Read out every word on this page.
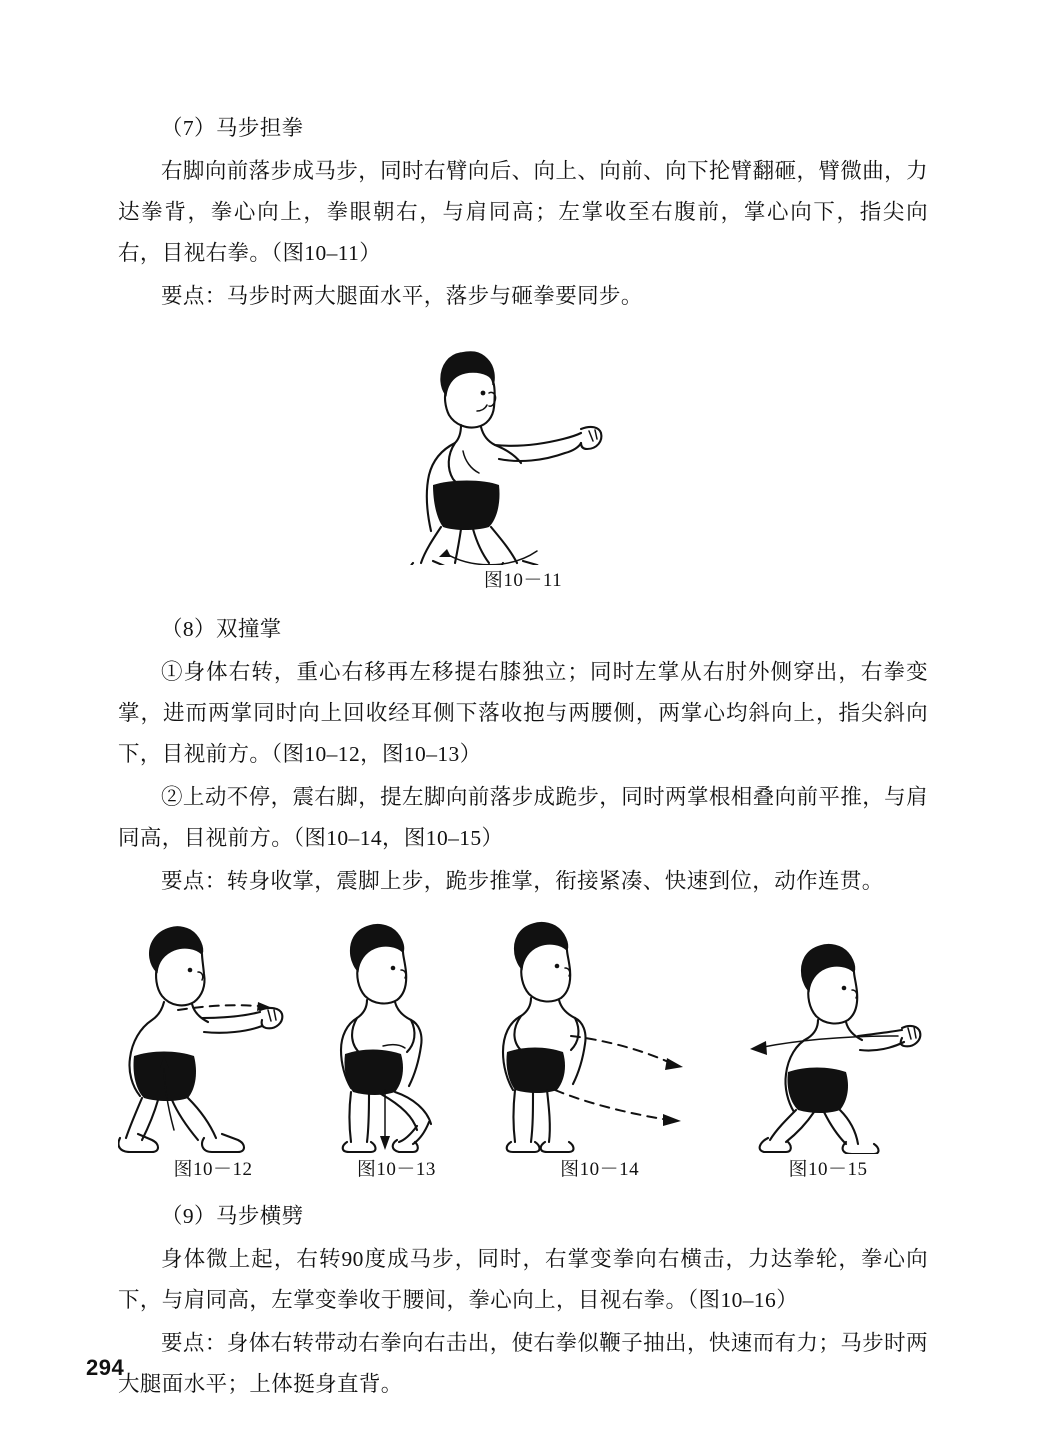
（7）马步担拳

右脚向前落步成马步，同时右臂向后、向上、向前、向下抡臂翻砸，臂微曲，力达拳背，拳心向上，拳眼朝右，与肩同高；左掌收至右腹前，掌心向下，指尖向右，目视右拳。（图10–11）

要点：马步时两大腿面水平，落步与砸拳要同步。

图10－11

（8）双撞掌

①身体右转，重心右移再左移提右膝独立；同时左掌从右肘外侧穿出，右拳变掌，进而两掌同时向上回收经耳侧下落收抱与两腰侧，两掌心均斜向上，指尖斜向下，目视前方。（图10–12，图10–13）

②上动不停，震右脚，提左脚向前落步成跪步，同时两掌根相叠向前平推，与肩同高，目视前方。（图10–14，图10–15）

要点：转身收掌，震脚上步，跪步推掌，衔接紧凑、快速到位，动作连贯。

图10－12	图10－13	图10－14	图10－15

（9）马步横劈

身体微上起，右转90度成马步，同时，右掌变拳向右横击，力达拳轮，拳心向下，与肩同高，左掌变拳收于腰间，拳心向上，目视右拳。（图10–16）

要点：身体右转带动右拳向右击出，使右拳似鞭子抽出，快速而有力；马步时两大腿面水平；上体挺身直背。

294
